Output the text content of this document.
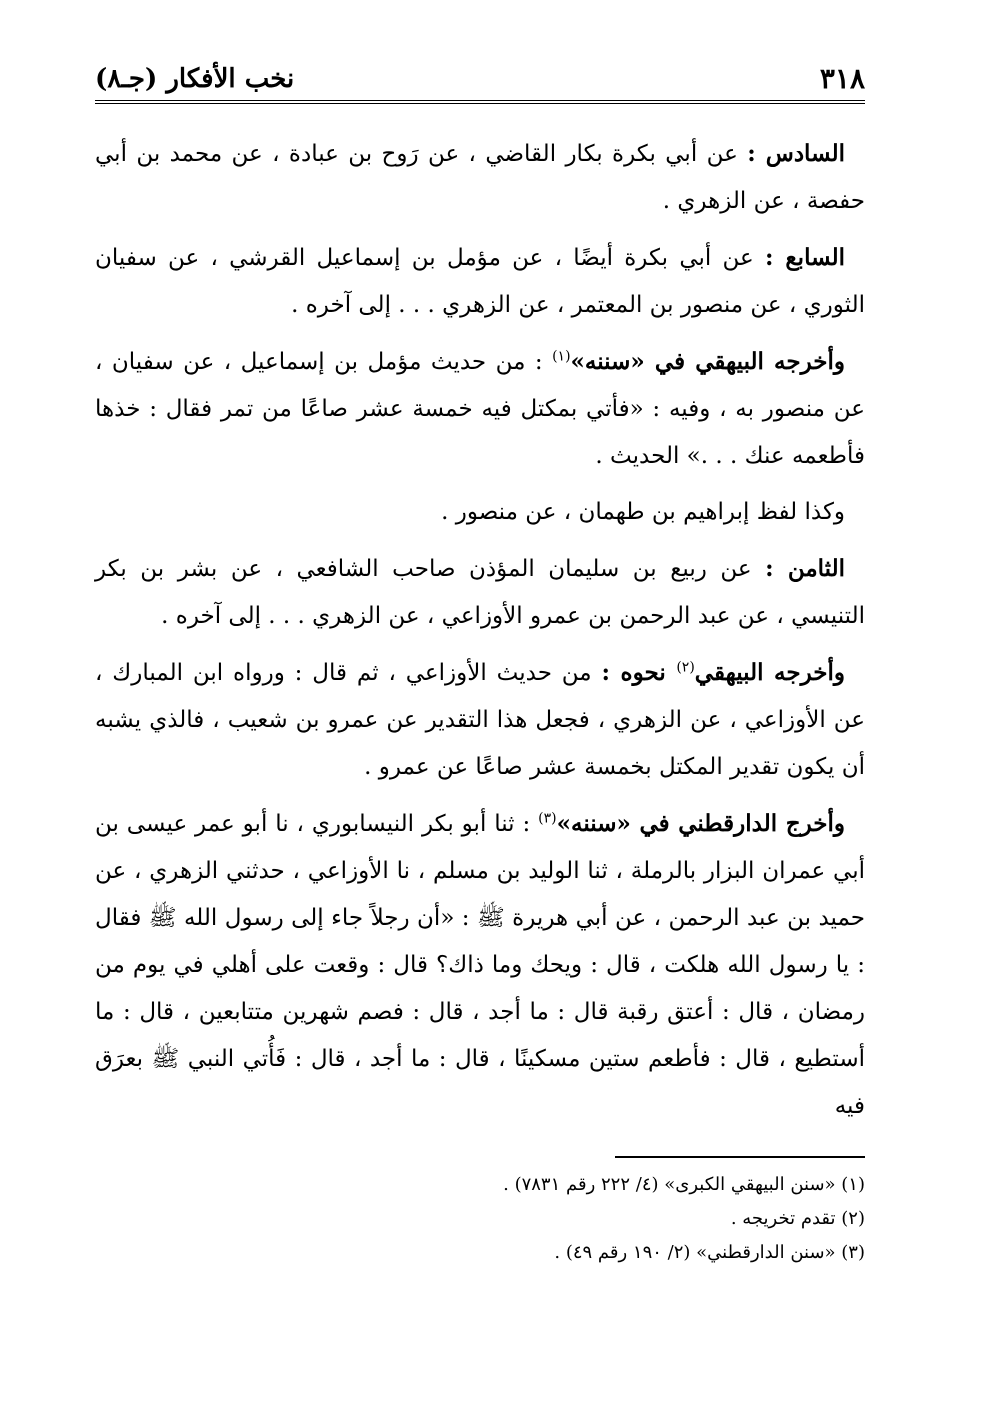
نخب الأفكار (جـ٨)	٣١٨

السادس : عن أبي بكرة بكار القاضي ، عن رَوح بن عبادة ، عن محمد بن أبي حفصة ، عن الزهري .

السابع : عن أبي بكرة أيضًا ، عن مؤمل بن إسماعيل القرشي ، عن سفيان الثوري ، عن منصور بن المعتمر ، عن الزهري . . . إلى آخره .

وأخرجه البيهقي في «سننه»$^{(١)}$ : من حديث مؤمل بن إسماعيل ، عن سفيان ، عن منصور به ، وفيه : «فأتي بمكتل فيه خمسة عشر صاعًا من تمر فقال : خذها فأطعمه عنك . . .» الحديث .

وكذا لفظ إبراهيم بن طهمان ، عن منصور .

الثامن : عن ربيع بن سليمان المؤذن صاحب الشافعي ، عن بشر بن بكر التنيسي ، عن عبد الرحمن بن عمرو الأوزاعي ، عن الزهري . . . إلى آخره .

وأخرجه البيهقي$^{(٢)}$ نحوه : من حديث الأوزاعي ، ثم قال : ورواه ابن المبارك ، عن الأوزاعي ، عن الزهري ، فجعل هذا التقدير عن عمرو بن شعيب ، فالذي يشبه أن يكون تقدير المكتل بخمسة عشر صاعًا عن عمرو .

وأخرج الدارقطني في «سننه»$^{(٣)}$ : ثنا أبو بكر النيسابوري ، نا أبو عمر عيسى بن أبي عمران البزار بالرملة ، ثنا الوليد بن مسلم ، نا الأوزاعي ، حدثني الزهري ، عن حميد بن عبد الرحمن ، عن أبي هريرة ﷺ : «أن رجلاً جاء إلى رسول الله ﷺ فقال : يا رسول الله هلكت ، قال : ويحك وما ذاك؟ قال : وقعت على أهلي في يوم من رمضان ، قال : أعتق رقبة قال : ما أجد ، قال : فصم شهرين متتابعين ، قال : ما أستطيع ، قال : فأطعم ستين مسكينًا ، قال : ما أجد ، قال : فَأُتي النبي ﷺ بعرَق فيه

(١) «سنن البيهقي الكبرى» (٤/ ٢٢٢ رقم ٧٨٣١) .

(٢) تقدم تخريجه .

(٣) «سنن الدارقطني» (٢/ ١٩٠ رقم ٤٩) .
